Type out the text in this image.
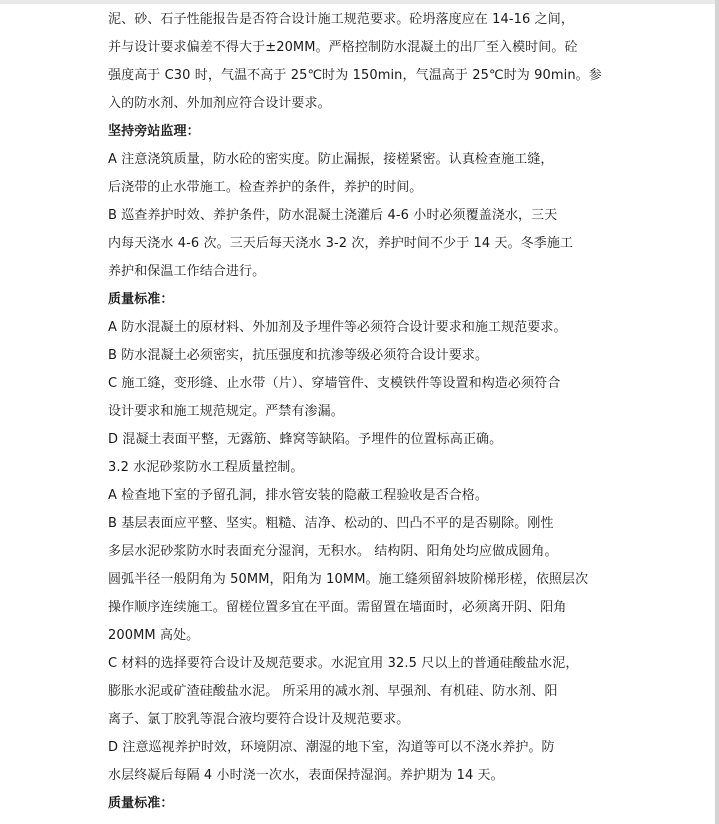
泥、砂、石子性能报告是否符合设计施工规范要求。砼坍落度应在 14-16 之间，
并与设计要求偏差不得大于±20MM。严格控制防水混凝土的出厂至入模时间。砼
强度高于 C30 时，气温不高于 25℃时为 150min，气温高于 25℃时为 90min。参
入的防水剂、外加剂应符合设计要求。
坚持旁站监理：
A 注意浇筑质量，防水砼的密实度。防止漏振，接槎紧密。认真检查施工缝，
后浇带的止水带施工。检查养护的条件，养护的时间。
B 巡查养护时效、养护条件，防水混凝土浇灌后 4-6 小时必须覆盖浇水，三天
内每天浇水 4-6 次。三天后每天浇水 3-2 次，养护时间不少于 14 天。冬季施工
养护和保温工作结合进行。
质量标准：
A 防水混凝土的原材料、外加剂及予埋件等必须符合设计要求和施工规范要求。
B 防水混凝土必须密实，抗压强度和抗渗等级必须符合设计要求。
C 施工缝，变形缝、止水带（片）、穿墙管件、支模铁件等设置和构造必须符合
设计要求和施工规范规定。严禁有渗漏。
D 混凝土表面平整，无露筋、蜂窝等缺陷。予埋件的位置标高正确。
3.2 水泥砂浆防水工程质量控制。
A 检查地下室的予留孔洞，排水管安装的隐蔽工程验收是否合格。
B 基层表面应平整、坚实。粗糙、洁净、松动的、凹凸不平的是否剔除。刚性
多层水泥砂浆防水时表面充分湿润，无积水。 结构阴、阳角处均应做成圆角。
圆弧半径一般阴角为 50MM，阳角为 10MM。施工缝须留斜坡阶梯形槎，依照层次
操作顺序连续施工。留槎位置多宜在平面。需留置在墙面时，必须离开阴、阳角
200MM 高处。
C 材料的选择要符合设计及规范要求。水泥宜用 32.5 尺以上的普通硅酸盐水泥，
膨胀水泥或矿渣硅酸盐水泥。 所采用的减水剂、早强剂、有机硅、防水剂、阳
离子、氯丁胶乳等混合液均要符合设计及规范要求。
D 注意巡视养护时效，环境阴凉、潮湿的地下室，沟道等可以不浇水养护。防
水层终凝后每隔 4 小时浇一次水，表面保持湿润。养护期为 14 天。
质量标准：
